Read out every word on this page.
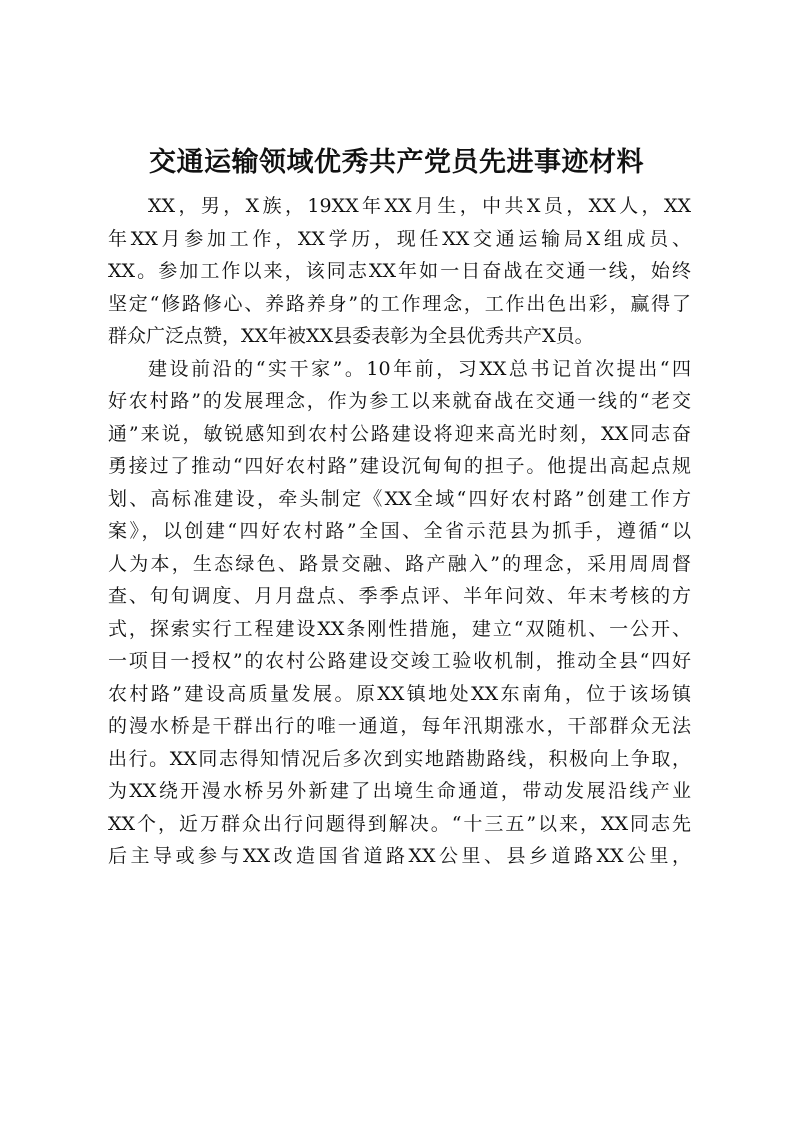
交通运输领域优秀共产党员先进事迹材料
XX，男，X族，19XX年XX月生，中共X员，XX人，XX
年XX月参加工作，XX学历，现任XX交通运输局X组成员、
XX。参加工作以来，该同志XX年如一日奋战在交通一线，始终
坚定“修路修心、养路养身”的工作理念，工作出色出彩，赢得了
群众广泛点赞，XX年被XX县委表彰为全县优秀共产X员。
建设前沿的“实干家”。10年前，习XX总书记首次提出“四
好农村路”的发展理念，作为参工以来就奋战在交通一线的“老交
通”来说，敏锐感知到农村公路建设将迎来高光时刻，XX同志奋
勇接过了推动“四好农村路”建设沉甸甸的担子。他提出高起点规
划、高标准建设，牵头制定《XX全域“四好农村路”创建工作方
案》，以创建“四好农村路”全国、全省示范县为抓手，遵循“以
人为本，生态绿色、路景交融、路产融入”的理念，采用周周督
查、旬旬调度、月月盘点、季季点评、半年问效、年末考核的方
式，探索实行工程建设XX条刚性措施，建立“双随机、一公开、
一项目一授权”的农村公路建设交竣工验收机制，推动全县“四好
农村路”建设高质量发展。原XX镇地处XX东南角，位于该场镇
的漫水桥是干群出行的唯一通道，每年汛期涨水，干部群众无法
出行。XX同志得知情况后多次到实地踏勘路线，积极向上争取，
为XX绕开漫水桥另外新建了出境生命通道，带动发展沿线产业
XX个，近万群众出行问题得到解决。“十三五”以来，XX同志先
后主导或参与XX改造国省道路XX公里、县乡道路XX公里，
